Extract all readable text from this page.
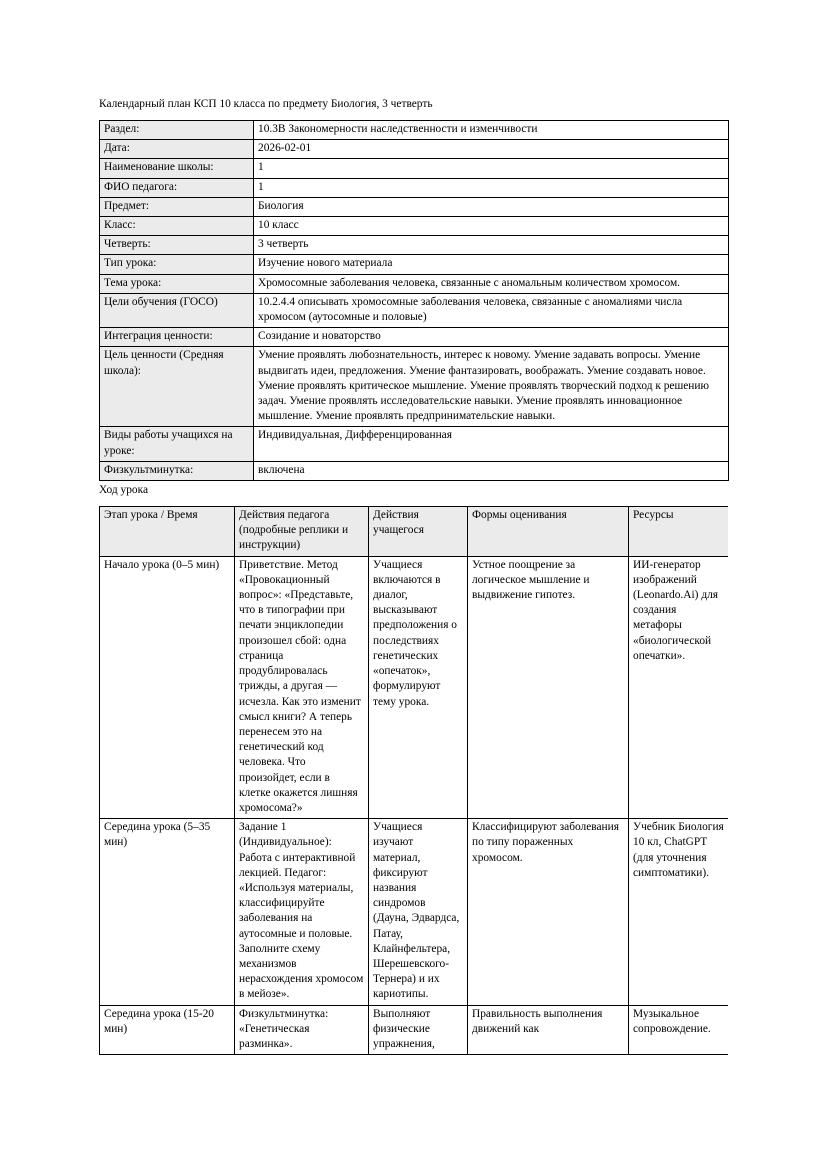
Календарный план КСП 10 класса по предмету Биология, 3 четверть
Раздел:	10.3В Закономерности наследственности и изменчивости
Дата:	2026-02-01
Наименование школы:	1
ФИО педагога:	1
Предмет:	Биология
Класс:	10 класс
Четверть:	3 четверть
Тип урока:	Изучение нового материала
Тема урока:	Хромосомные заболевания человека, связанные с аномальным количеством хромосом.
Цели обучения (ГОСО)	10.2.4.4 описывать хромосомные заболевания человека, связанные с аномалиями числа хромосом (аутосомные и половые)
Интеграция ценности:	Созидание и новаторство
Цель ценности (Средняя школа):	Умение проявлять любознательность, интерес к новому. Умение задавать вопросы. Умение выдвигать идеи, предложения. Умение фантазировать, воображать. Умение создавать новое. Умение проявлять критическое мышление. Умение проявлять творческий подход к решению задач. Умение проявлять исследовательские навыки. Умение проявлять инновационное мышление. Умение проявлять предпринимательские навыки.
Виды работы учащихся на уроке:	Индивидуальная, Дифференцированная
Физкультминутка:	включена
Ход урока
Этап урока / Время	Действия педагога (подробные реплики и инструкции)	Действия учащегося	Формы оценивания	Ресурсы
Начало урока (0–5 мин)	Приветствие. Метод «Провокационный вопрос»: «Представьте, что в типографии при печати энциклопедии произошел сбой: одна страница продублировалась трижды, а другая — исчезла. Как это изменит смысл книги? А теперь перенесем это на генетический код человека. Что произойдет, если в клетке окажется лишняя хромосома?»	Учащиеся включаются в диалог, высказывают предположения о последствиях генетических «опечаток», формулируют тему урока.	Устное поощрение за логическое мышление и выдвижение гипотез.	ИИ-генератор изображений (Leonardo.Ai) для создания метафоры «биологической опечатки».
Середина урока (5–35 мин)	Задание 1 (Индивидуальное): Работа с интерактивной лекцией. Педагог: «Используя материалы, классифицируйте заболевания на аутосомные и половые. Заполните схему механизмов нерасхождения хромосом в мейозе».	Учащиеся изучают материал, фиксируют названия синдромов (Дауна, Эдвардса, Патау, Клайнфельтера, Шерешевского-Тернера) и их кариотипы.	Классифицируют заболевания по типу пораженных хромосом.	Учебник Биология 10 кл, ChatGPT (для уточнения симптоматики).
Середина урока (15-20 мин)	Физкультминутка: «Генетическая разминка».	Выполняют физические упражнения,	Правильность выполнения движений как	Музыкальное сопровождение.
